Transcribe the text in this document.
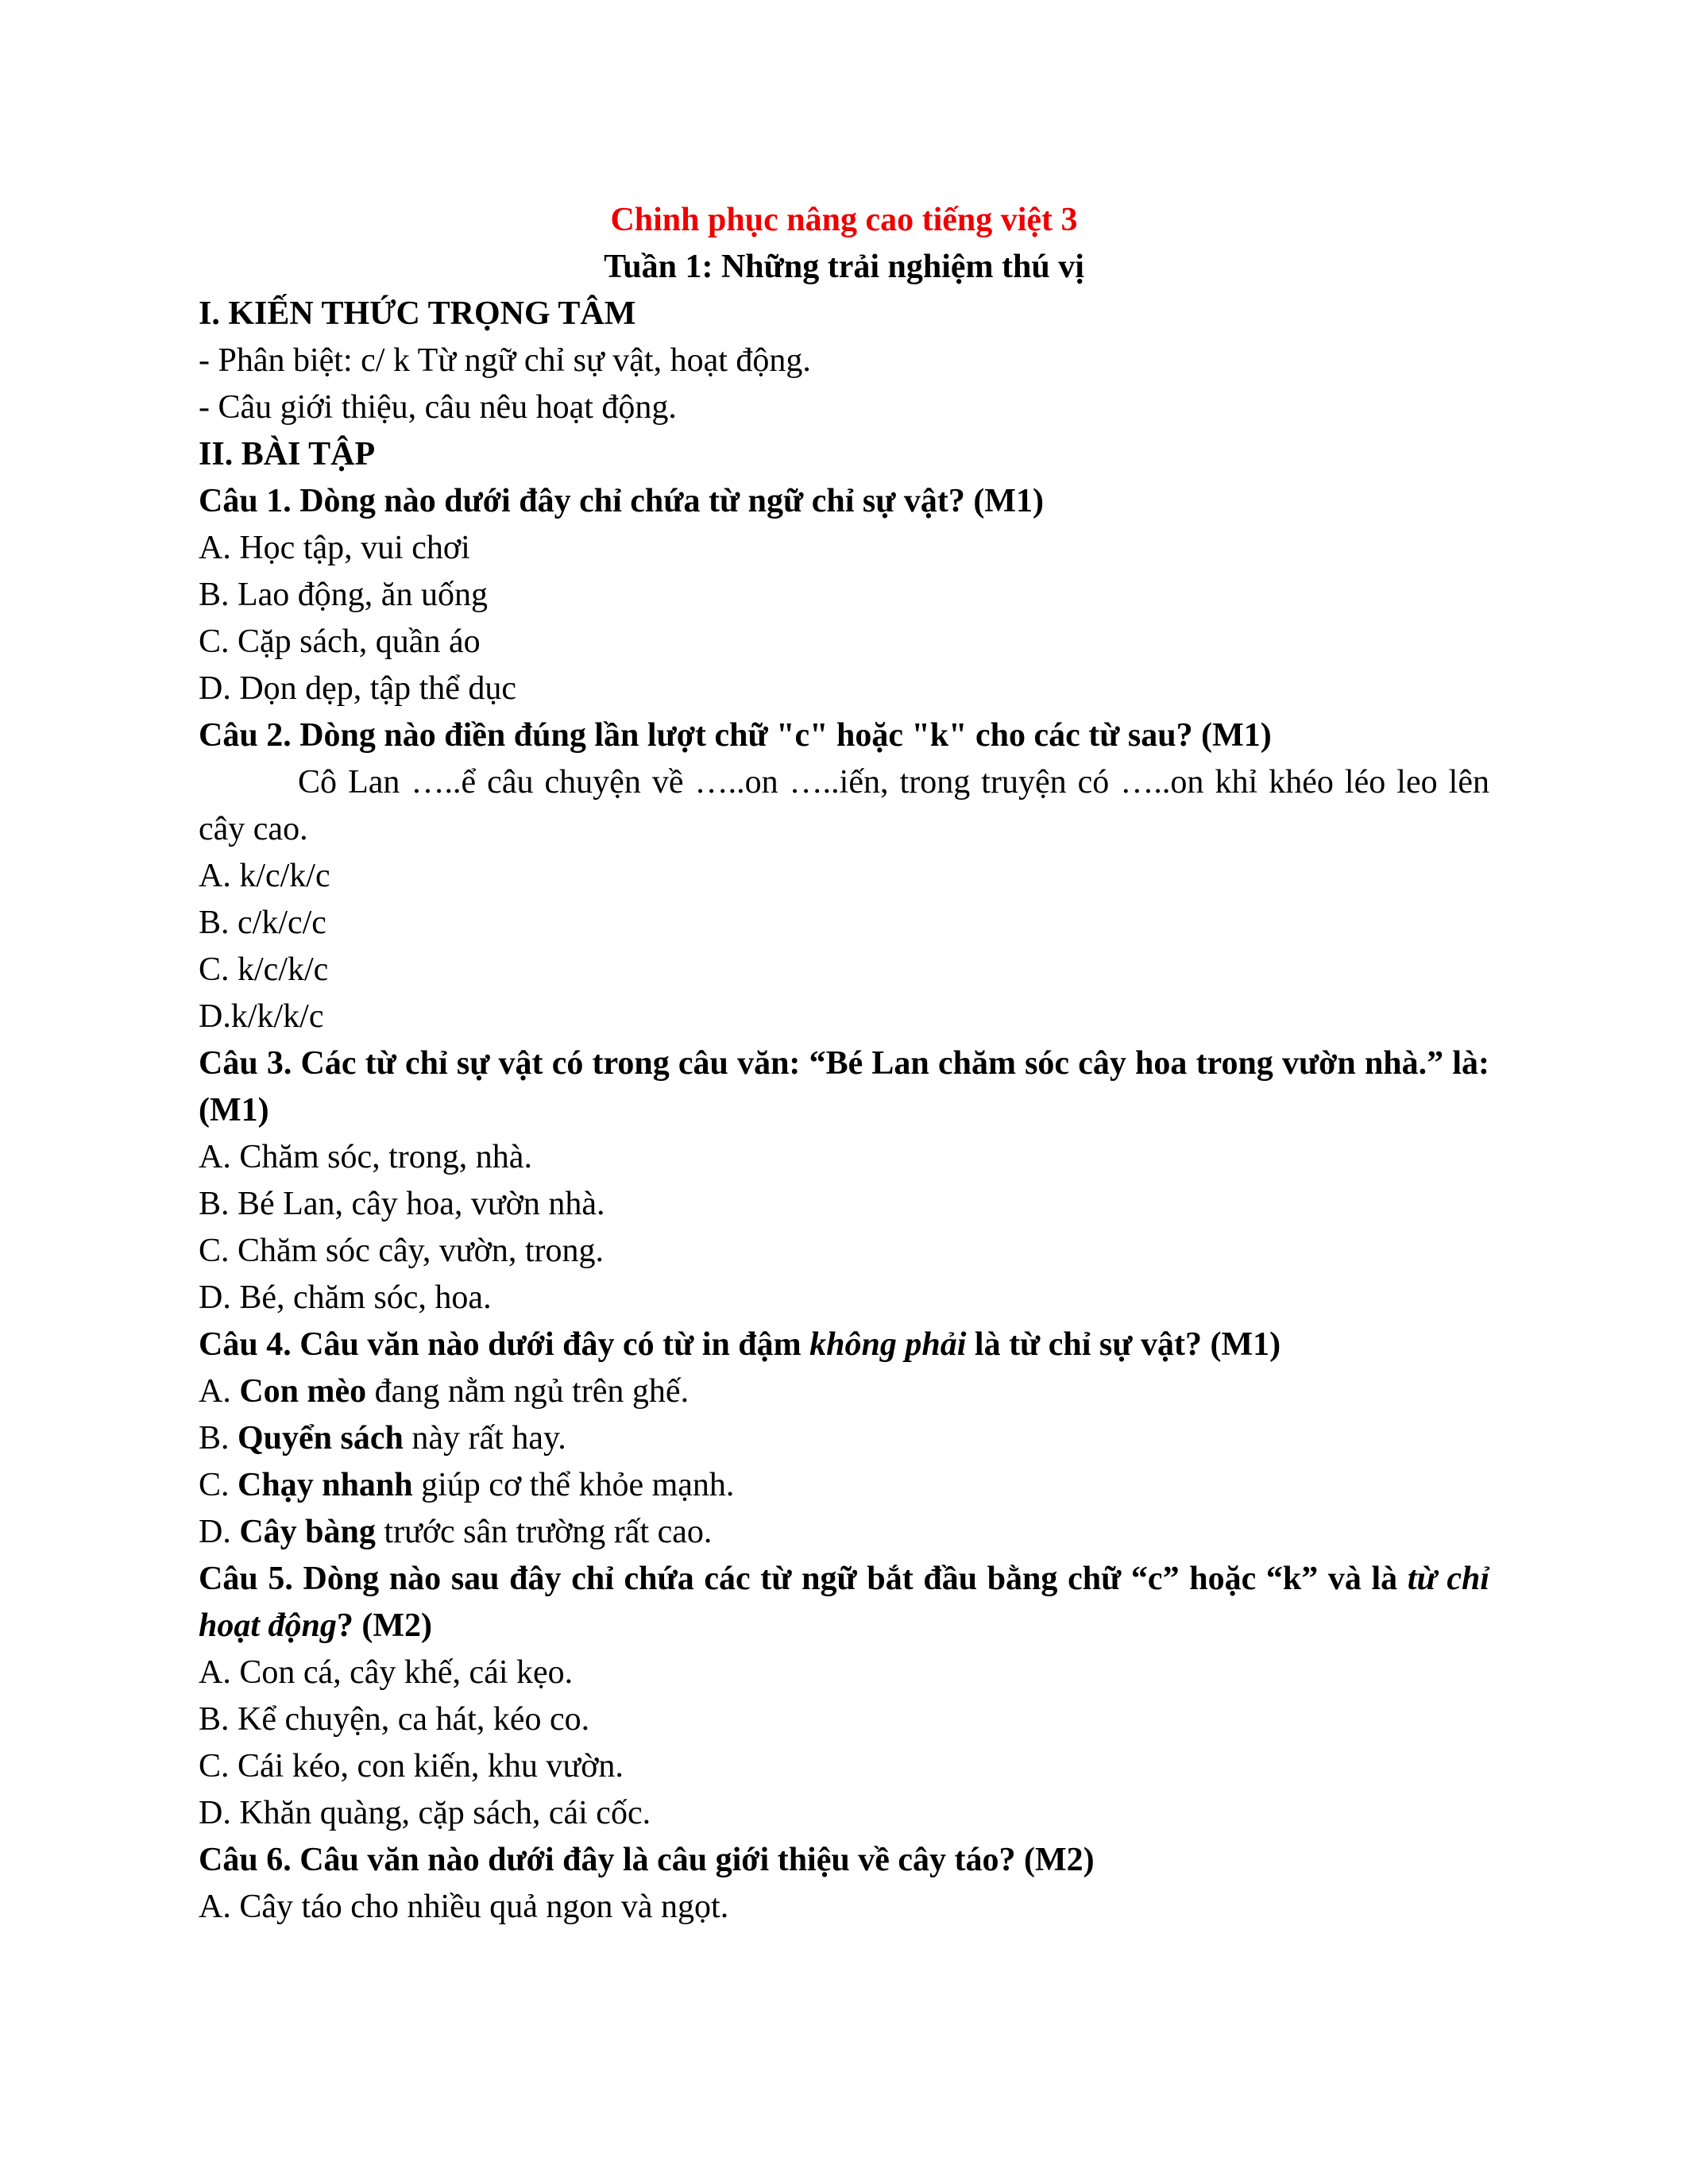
Chinh phục nâng cao tiếng việt 3

Tuần 1: Những trải nghiệm thú vị

I. KIẾN THỨC TRỌNG TÂM

- Phân biệt: c/ k Từ ngữ chỉ sự vật, hoạt động.

- Câu giới thiệu, câu nêu hoạt động.

II. BÀI TẬP

Câu 1. Dòng nào dưới đây chỉ chứa từ ngữ chỉ sự vật? (M1)

A. Học tập, vui chơi

B. Lao động, ăn uống

C. Cặp sách, quần áo

D. Dọn dẹp, tập thể dục

Câu 2. Dòng nào điền đúng lần lượt chữ "c" hoặc "k" cho các từ sau? (M1)

Cô Lan …..ể câu chuyện về …..on …..iến, trong truyện có …..on khỉ khéo léo leo lên cây cao.

A. k/c/k/c

B. c/k/c/c

C. k/c/k/c

D.k/k/k/c

Câu 3. Các từ chỉ sự vật có trong câu văn: “Bé Lan chăm sóc cây hoa trong vườn nhà.” là: (M1)

A. Chăm sóc, trong, nhà.

B. Bé Lan, cây hoa, vườn nhà.

C. Chăm sóc cây, vườn, trong.

D. Bé, chăm sóc, hoa.

Câu 4. Câu văn nào dưới đây có từ in đậm không phải là từ chỉ sự vật? (M1)

A. Con mèo đang nằm ngủ trên ghế.

B. Quyển sách này rất hay.

C. Chạy nhanh giúp cơ thể khỏe mạnh.

D. Cây bàng trước sân trường rất cao.

Câu 5. Dòng nào sau đây chỉ chứa các từ ngữ bắt đầu bằng chữ “c” hoặc “k” và là từ chỉ hoạt động? (M2)

A. Con cá, cây khế, cái kẹo.

B. Kể chuyện, ca hát, kéo co.

C. Cái kéo, con kiến, khu vườn.

D. Khăn quàng, cặp sách, cái cốc.

Câu 6. Câu văn nào dưới đây là câu giới thiệu về cây táo? (M2)

A. Cây táo cho nhiều quả ngon và ngọt.
